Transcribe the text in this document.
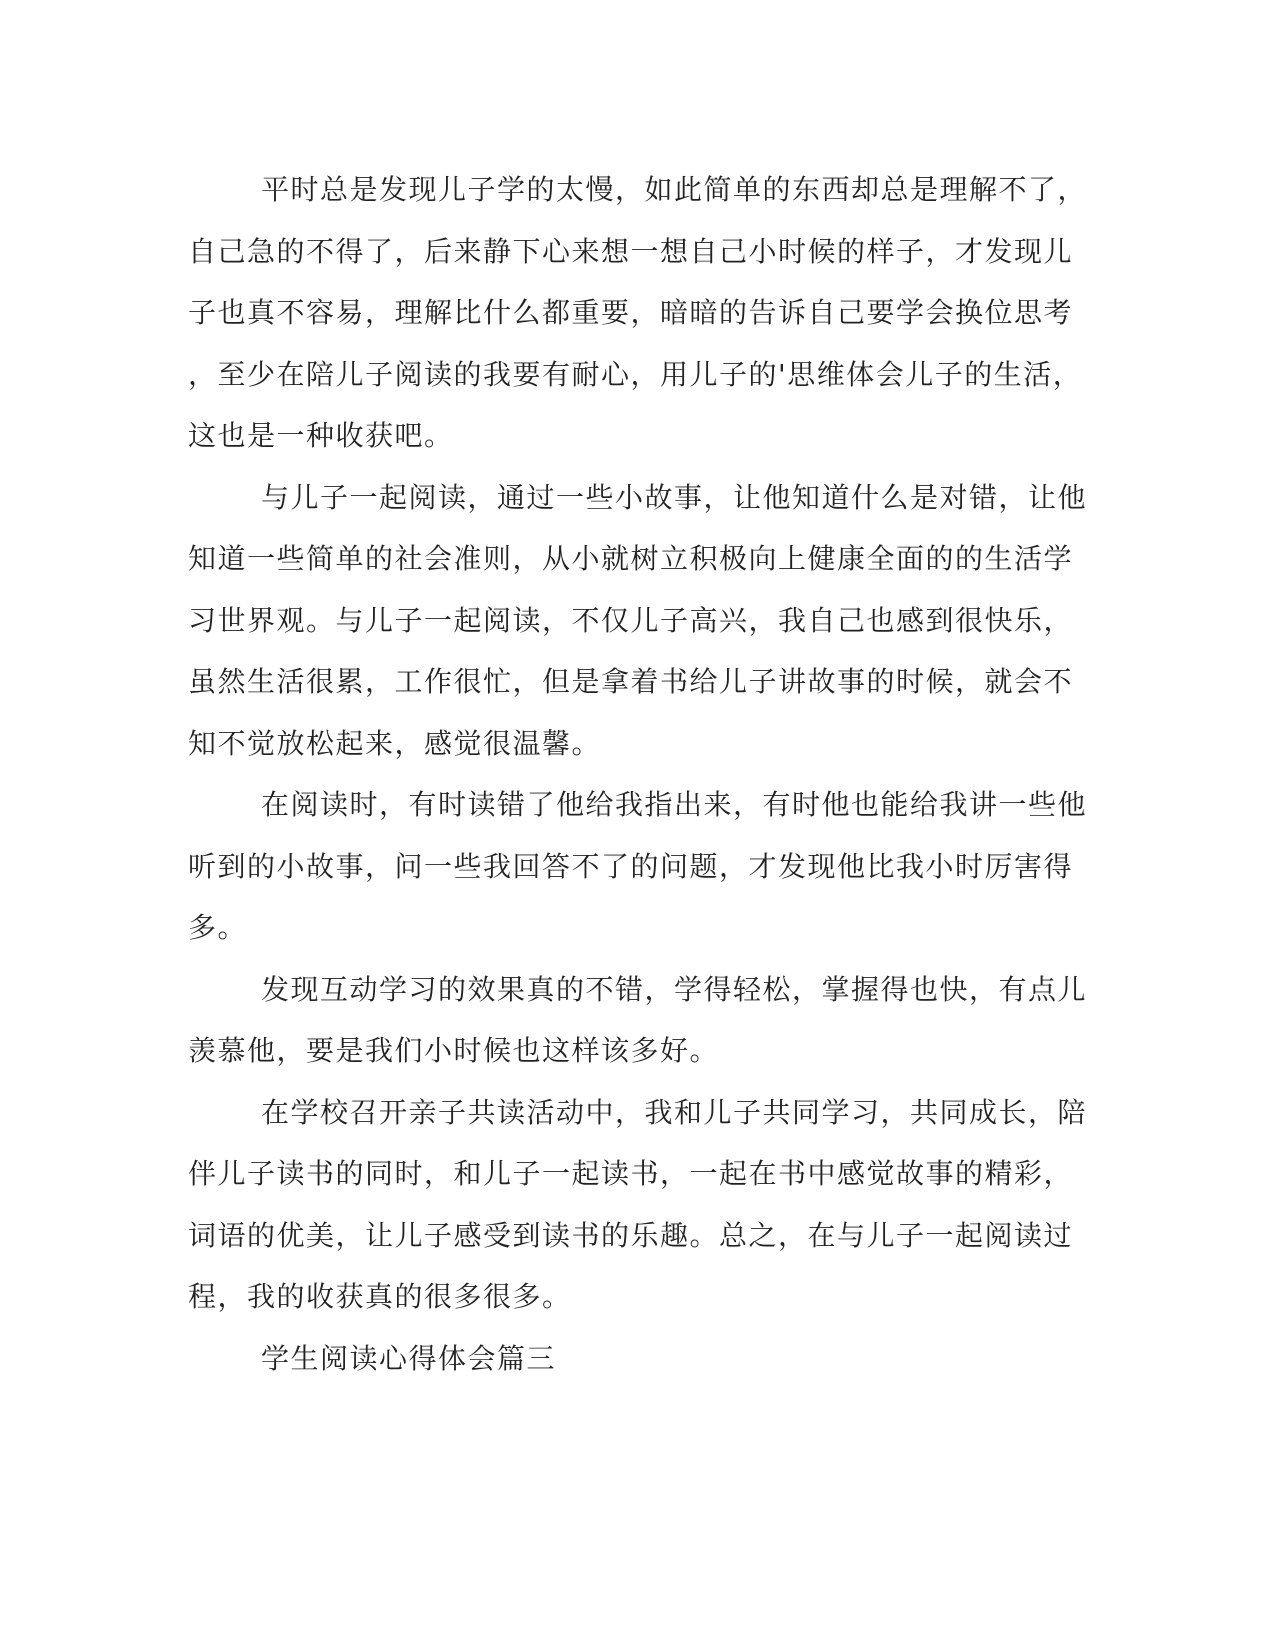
平时总是发现儿子学的太慢，如此简单的东西却总是理解不了，
自己急的不得了，后来静下心来想一想自己小时候的样子，才发现儿
子也真不容易，理解比什么都重要，暗暗的告诉自己要学会换位思考
，至少在陪儿子阅读的我要有耐心，用儿子的'思维体会儿子的生活，
这也是一种收获吧。
与儿子一起阅读，通过一些小故事，让他知道什么是对错，让他
知道一些简单的社会准则，从小就树立积极向上健康全面的的生活学
习世界观。与儿子一起阅读，不仅儿子高兴，我自己也感到很快乐，
虽然生活很累，工作很忙，但是拿着书给儿子讲故事的时候，就会不
知不觉放松起来，感觉很温馨。
在阅读时，有时读错了他给我指出来，有时他也能给我讲一些他
听到的小故事，问一些我回答不了的问题，才发现他比我小时厉害得
多。
发现互动学习的效果真的不错，学得轻松，掌握得也快，有点儿
羡慕他，要是我们小时候也这样该多好。
在学校召开亲子共读活动中，我和儿子共同学习，共同成长，陪
伴儿子读书的同时，和儿子一起读书，一起在书中感觉故事的精彩，
词语的优美，让儿子感受到读书的乐趣。总之，在与儿子一起阅读过
程，我的收获真的很多很多。
学生阅读心得体会篇三
